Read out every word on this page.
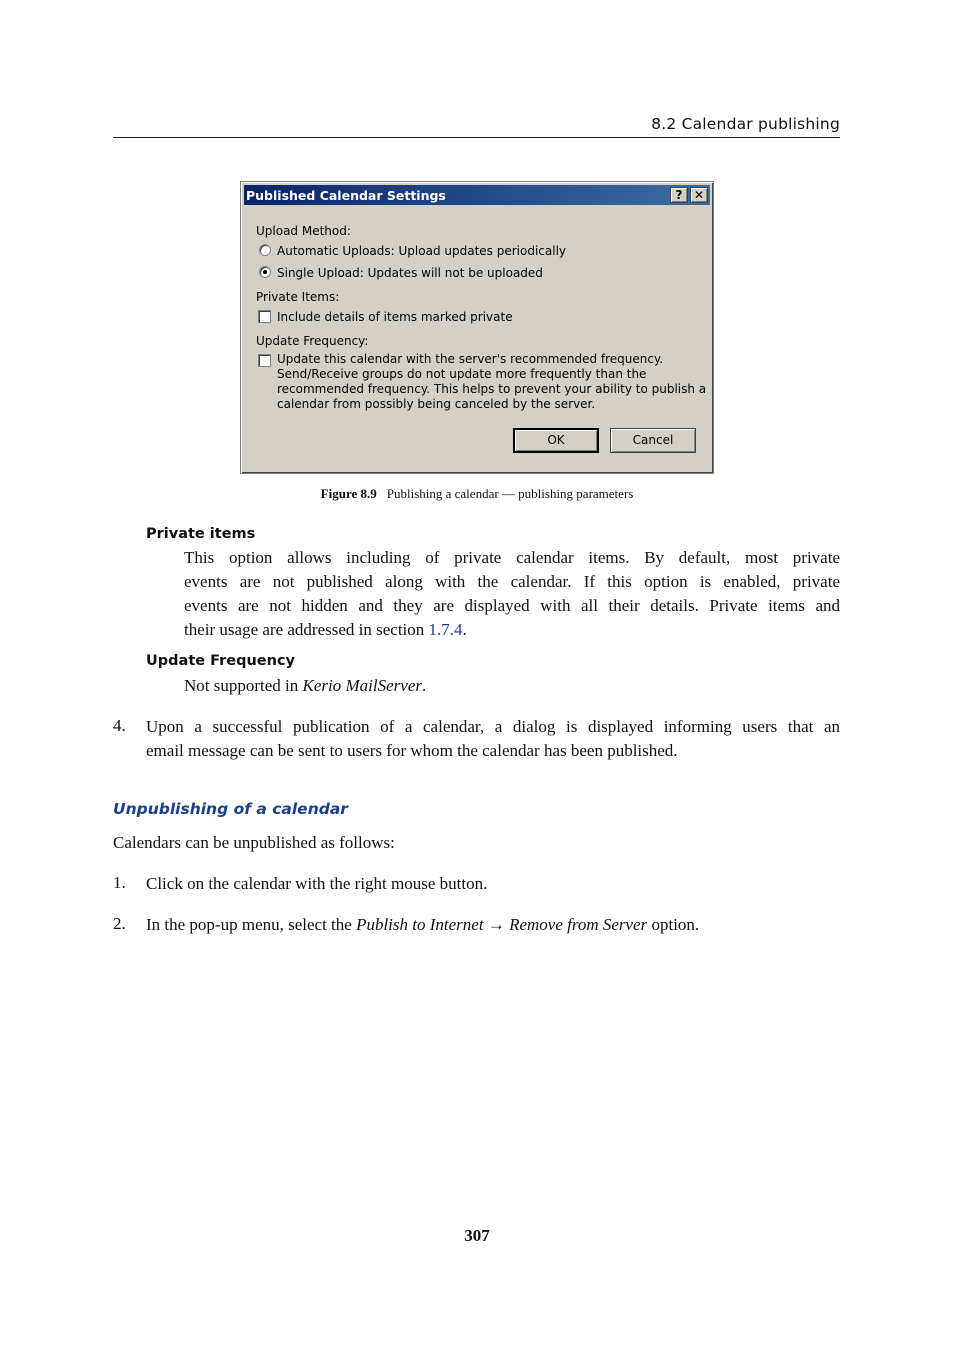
8.2 Calendar publishing
Published Calendar Settings	? ✕
Upload Method:
Automatic Uploads: Upload updates periodically
Single Upload: Updates will not be uploaded
Private Items:
Include details of items marked private
Update Frequency:
Update this calendar with the server's recommended frequency.
Send/Receive groups do not update more frequently than the
recommended frequency. This helps to prevent your ability to publish a
calendar from possibly being canceled by the server.
OK	Cancel
Figure 8.9 Publishing a calendar — publishing parameters
Private items
This option allows including of private calendar items. By default, most private
events are not published along with the calendar. If this option is enabled, private
events are not hidden and they are displayed with all their details. Private items and
their usage are addressed in section 1.7.4.
Update Frequency
Not supported in Kerio MailServer.
4. Upon a successful publication of a calendar, a dialog is displayed informing users that an
email message can be sent to users for whom the calendar has been published.
Unpublishing of a calendar
Calendars can be unpublished as follows:
1. Click on the calendar with the right mouse button.
2. In the pop-up menu, select the Publish to Internet → Remove from Server option.
307
